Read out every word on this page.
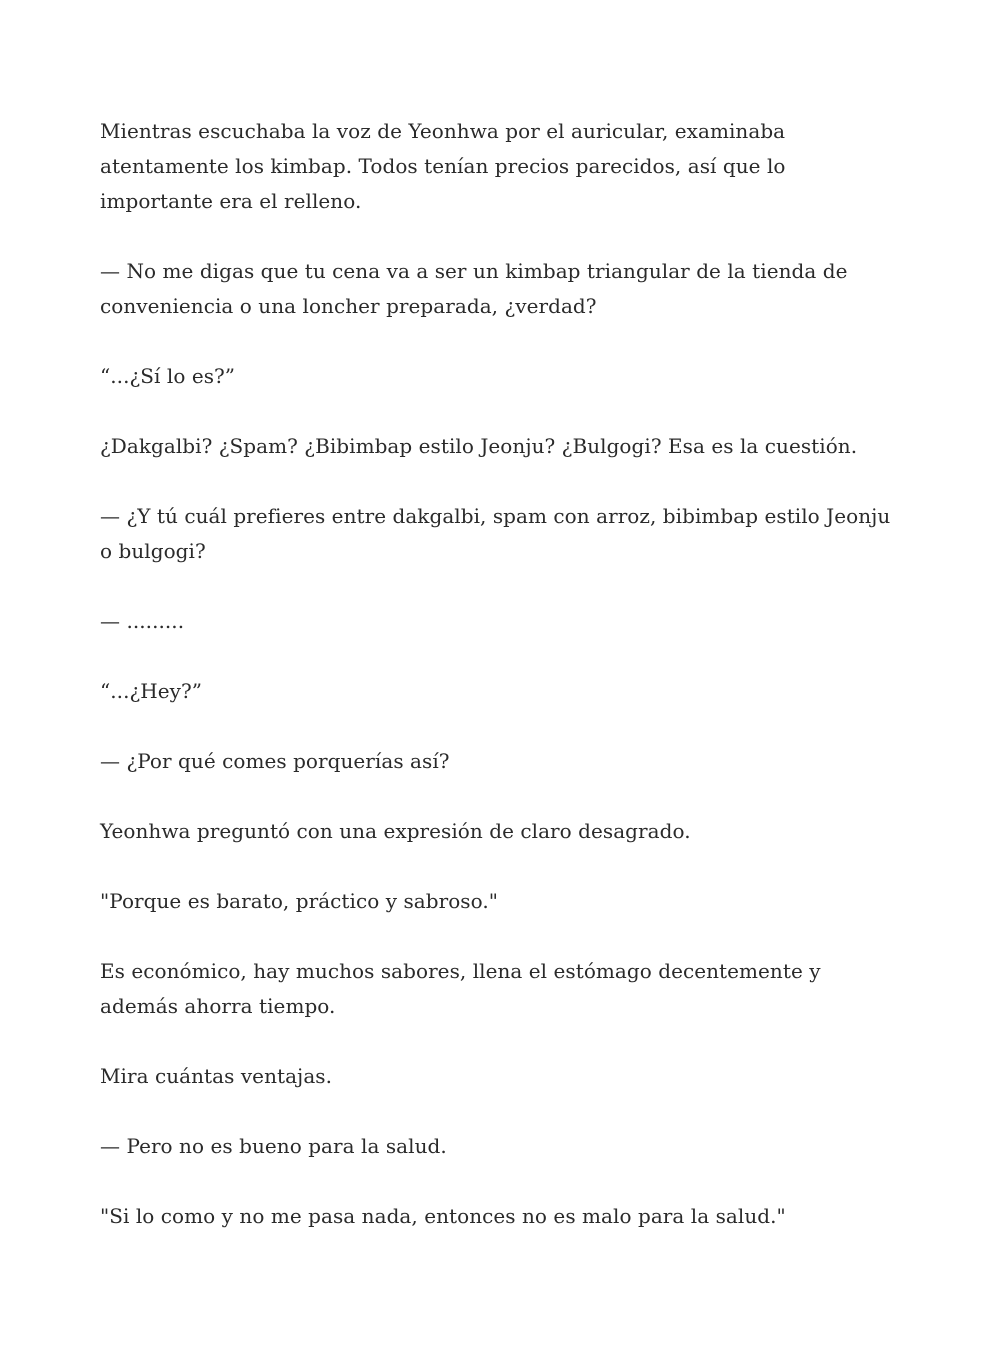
Mientras escuchaba la voz de Yeonhwa por el auricular, examinaba atentamente los kimbap. Todos tenían precios parecidos, así que lo importante era el relleno.

— No me digas que tu cena va a ser un kimbap triangular de la tienda de conveniencia o una loncher preparada, ¿verdad?

“...¿Sí lo es?”

¿Dakgalbi? ¿Spam? ¿Bibimbap estilo Jeonju? ¿Bulgogi? Esa es la cuestión.

— ¿Y tú cuál prefieres entre dakgalbi, spam con arroz, bibimbap estilo Jeonju o bulgogi?

— .........

“...¿Hey?”

— ¿Por qué comes porquerías así?

Yeonhwa preguntó con una expresión de claro desagrado.

"Porque es barato, práctico y sabroso."

Es económico, hay muchos sabores, llena el estómago decentemente y además ahorra tiempo.

Mira cuántas ventajas.

— Pero no es bueno para la salud.

"Si lo como y no me pasa nada, entonces no es malo para la salud."
